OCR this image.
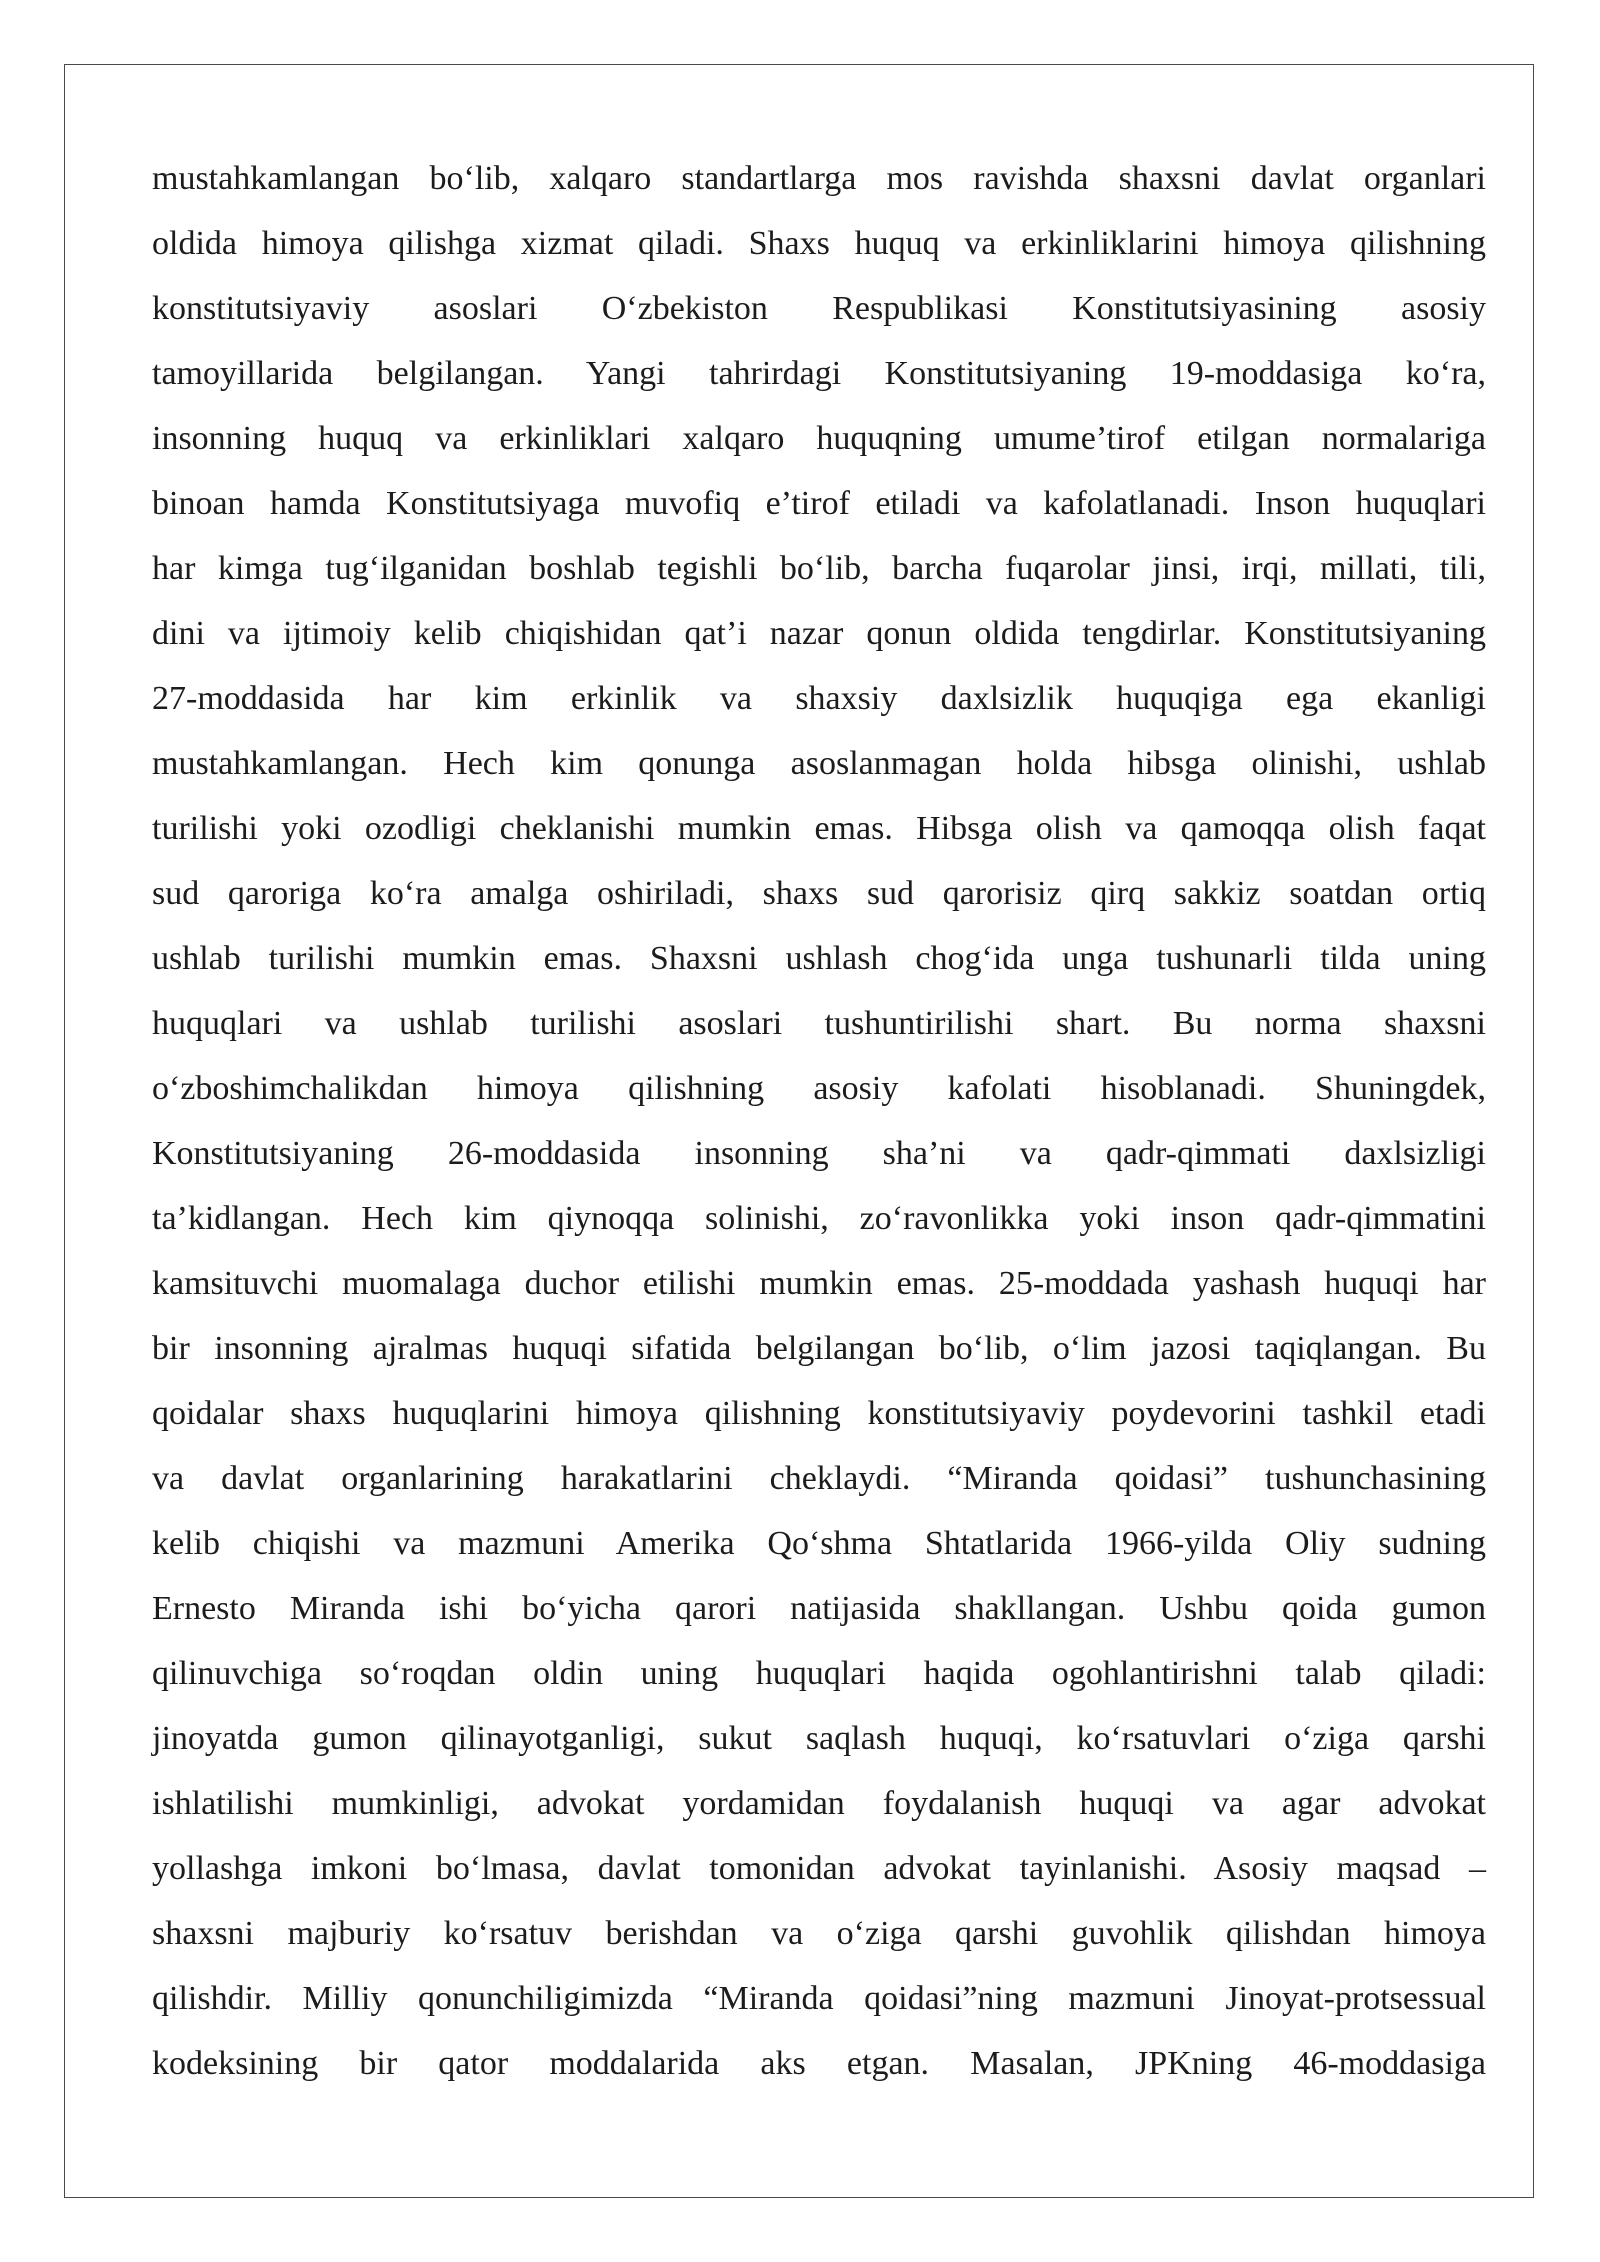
mustahkamlangan bo‘lib, xalqaro standartlarga mos ravishda shaxsni davlat organlari
oldida himoya qilishga xizmat qiladi. Shaxs huquq va erkinliklarini himoya qilishning
konstitutsiyaviy asoslari O‘zbekiston Respublikasi Konstitutsiyasining asosiy
tamoyillarida belgilangan. Yangi tahrirdagi Konstitutsiyaning 19-moddasiga ko‘ra,
insonning huquq va erkinliklari xalqaro huquqning umume’tirof etilgan normalariga
binoan hamda Konstitutsiyaga muvofiq e’tirof etiladi va kafolatlanadi. Inson huquqlari
har kimga tug‘ilganidan boshlab tegishli bo‘lib, barcha fuqarolar jinsi, irqi, millati, tili,
dini va ijtimoiy kelib chiqishidan qat’i nazar qonun oldida tengdirlar. Konstitutsiyaning
27-moddasida har kim erkinlik va shaxsiy daxlsizlik huquqiga ega ekanligi
mustahkamlangan. Hech kim qonunga asoslanmagan holda hibsga olinishi, ushlab
turilishi yoki ozodligi cheklanishi mumkin emas. Hibsga olish va qamoqqa olish faqat
sud qaroriga ko‘ra amalga oshiriladi, shaxs sud qarorisiz qirq sakkiz soatdan ortiq
ushlab turilishi mumkin emas. Shaxsni ushlash chog‘ida unga tushunarli tilda uning
huquqlari va ushlab turilishi asoslari tushuntirilishi shart. Bu norma shaxsni
o‘zboshimchalikdan himoya qilishning asosiy kafolati hisoblanadi. Shuningdek,
Konstitutsiyaning 26-moddasida insonning sha’ni va qadr-qimmati daxlsizligi
ta’kidlangan. Hech kim qiynoqqa solinishi, zo‘ravonlikka yoki inson qadr-qimmatini
kamsituvchi muomalaga duchor etilishi mumkin emas. 25-moddada yashash huquqi har
bir insonning ajralmas huquqi sifatida belgilangan bo‘lib, o‘lim jazosi taqiqlangan. Bu
qoidalar shaxs huquqlarini himoya qilishning konstitutsiyaviy poydevorini tashkil etadi
va davlat organlarining harakatlarini cheklaydi. “Miranda qoidasi” tushunchasining
kelib chiqishi va mazmuni Amerika Qo‘shma Shtatlarida 1966-yilda Oliy sudning
Ernesto Miranda ishi bo‘yicha qarori natijasida shakllangan. Ushbu qoida gumon
qilinuvchiga so‘roqdan oldin uning huquqlari haqida ogohlantirishni talab qiladi:
jinoyatda gumon qilinayotganligi, sukut saqlash huquqi, ko‘rsatuvlari o‘ziga qarshi
ishlatilishi mumkinligi, advokat yordamidan foydalanish huquqi va agar advokat
yollashga imkoni bo‘lmasa, davlat tomonidan advokat tayinlanishi. Asosiy maqsad –
shaxsni majburiy ko‘rsatuv berishdan va o‘ziga qarshi guvohlik qilishdan himoya
qilishdir. Milliy qonunchiligimizda “Miranda qoidasi”ning mazmuni Jinoyat-protsessual
kodeksining bir qator moddalarida aks etgan. Masalan, JPKning 46-moddasiga
